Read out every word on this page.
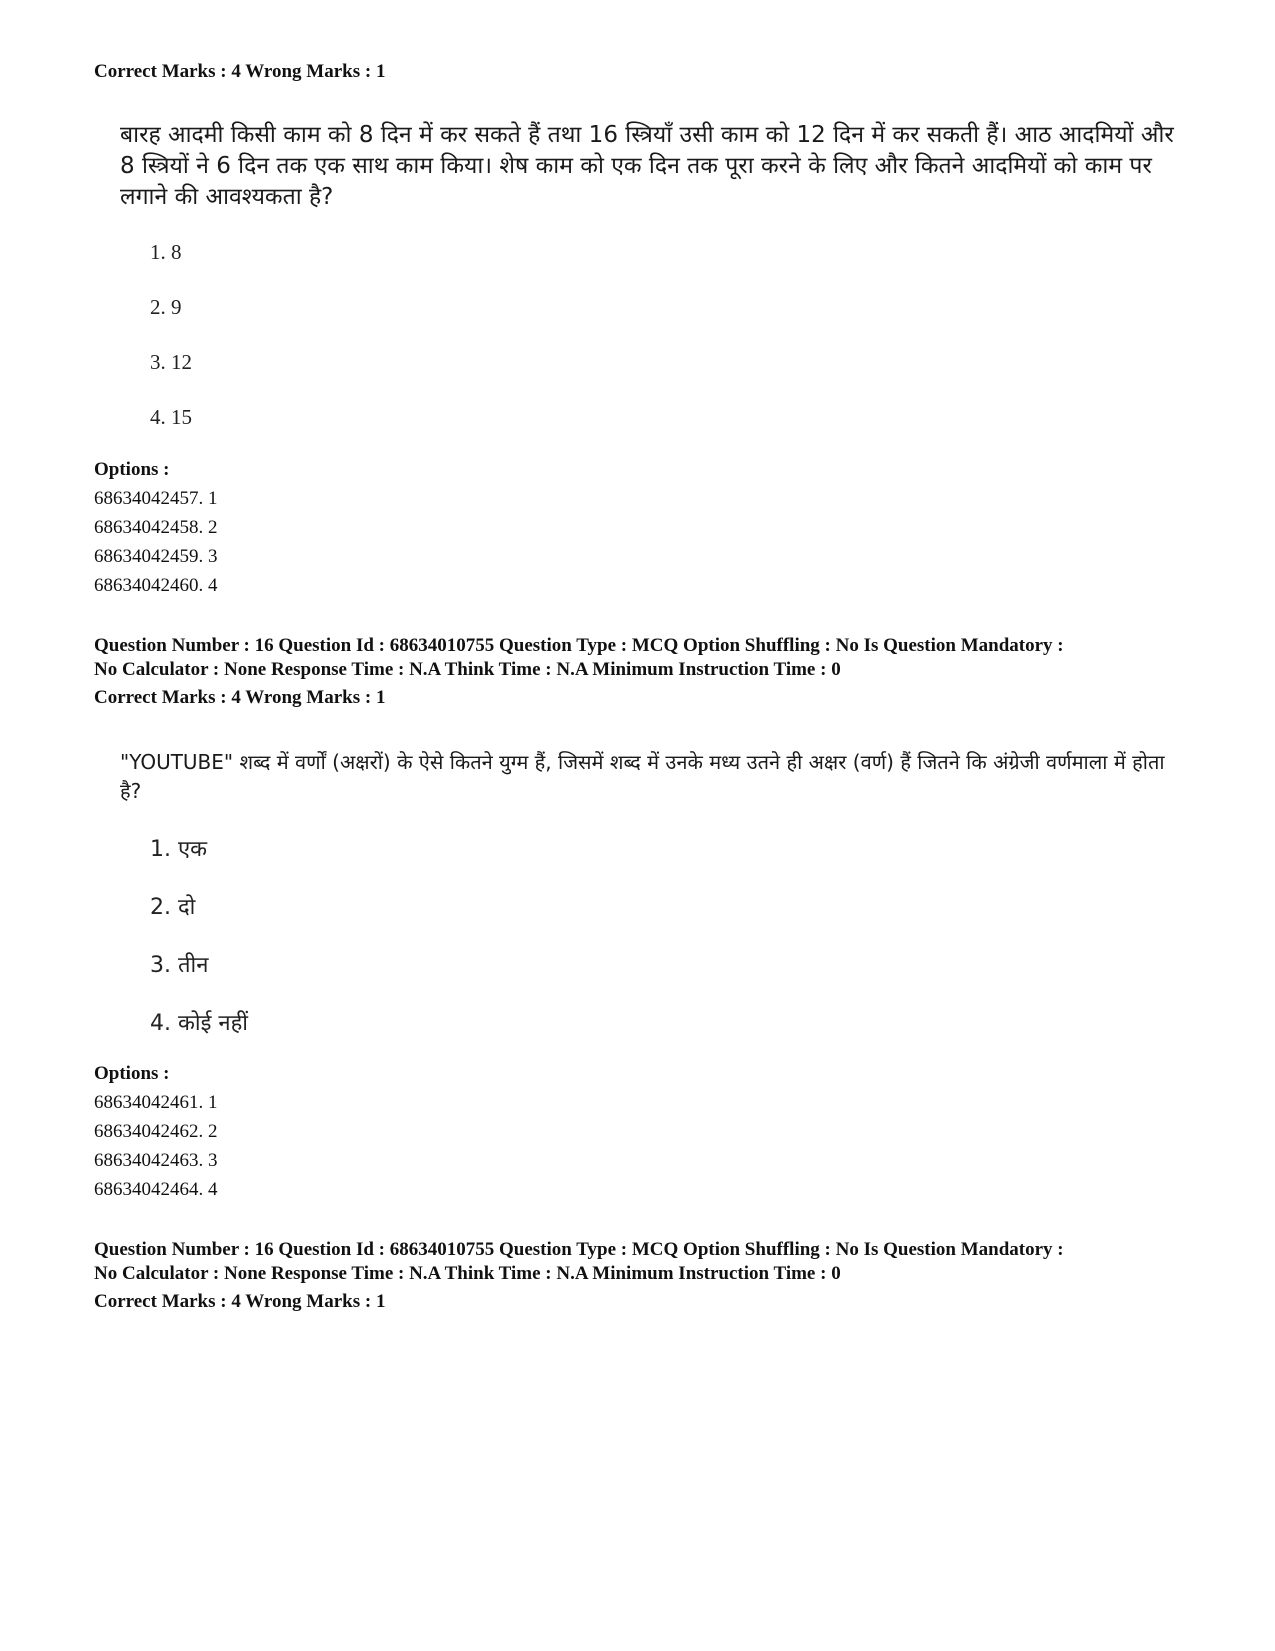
Correct Marks : 4 Wrong Marks : 1
बारह आदमी किसी काम को 8 दिन में कर सकते हैं तथा 16 स्त्रियाँ उसी काम को 12 दिन में कर सकती हैं। आठ आदमियों और 8 स्त्रियों ने 6 दिन तक एक साथ काम किया। शेष काम को एक दिन तक पूरा करने के लिए और कितने आदमियों को काम पर लगाने की आवश्यकता है?
1. 8
2. 9
3. 12
4. 15
Options :
68634042457. 1
68634042458. 2
68634042459. 3
68634042460. 4
Question Number : 16 Question Id : 68634010755 Question Type : MCQ Option Shuffling : No Is Question Mandatory :
No Calculator : None Response Time : N.A Think Time : N.A Minimum Instruction Time : 0
Correct Marks : 4 Wrong Marks : 1
"YOUTUBE" शब्द में वर्णों (अक्षरों) के ऐसे कितने युग्म हैं, जिसमें शब्द में उनके मध्य उतने ही अक्षर (वर्ण) हैं जितने कि अंग्रेजी वर्णमाला में होता है?
1. एक
2. दो
3. तीन
4. कोई नहीं
Options :
68634042461. 1
68634042462. 2
68634042463. 3
68634042464. 4
Question Number : 16 Question Id : 68634010755 Question Type : MCQ Option Shuffling : No Is Question Mandatory :
No Calculator : None Response Time : N.A Think Time : N.A Minimum Instruction Time : 0
Correct Marks : 4 Wrong Marks : 1
